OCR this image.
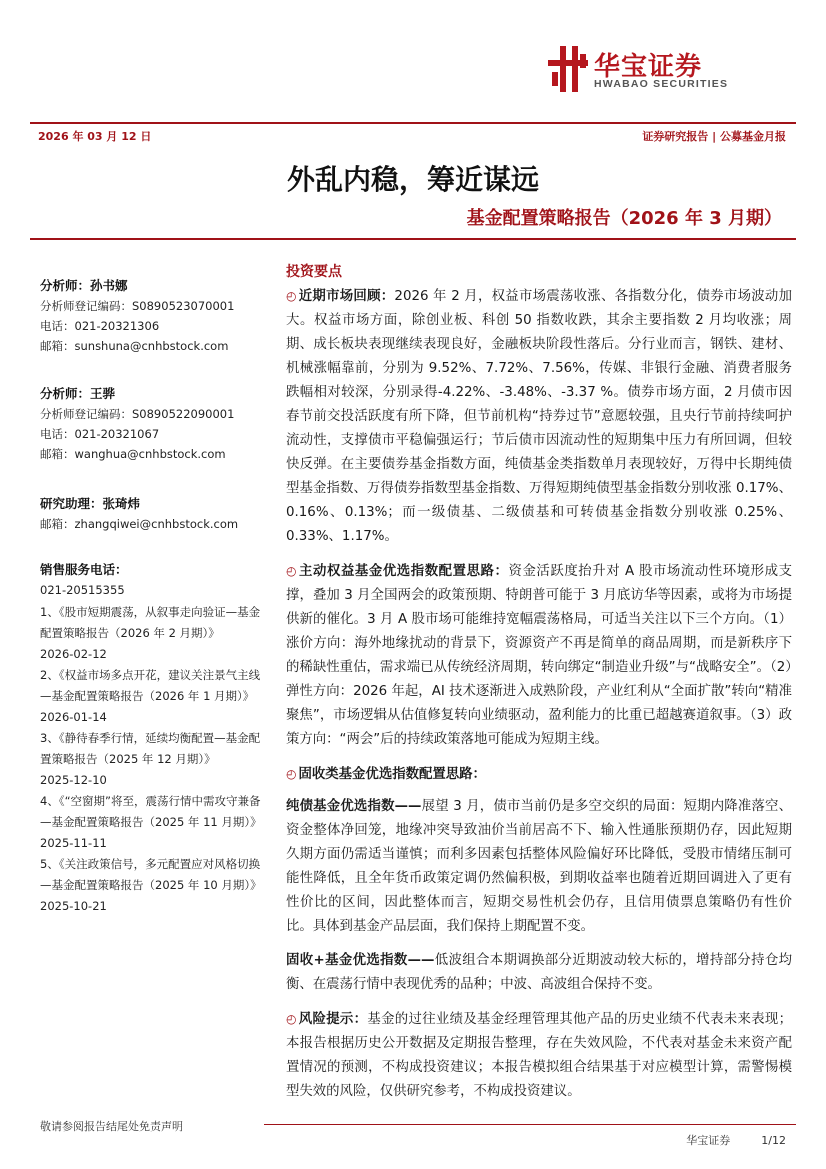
华宝证券
HWABAO SECURITIES
2026 年 03 月 12 日	证券研究报告 | 公募基金月报
外乱内稳，筹近谋远
基金配置策略报告（2026 年 3 月期）
分析师：孙书娜
分析师登记编码：S0890523070001
电话：021-20321306
邮箱：sunshuna@cnhbstock.com
分析师：王骅
分析师登记编码：S0890522090001
电话：021-20321067
邮箱：wanghua@cnhbstock.com
研究助理：张琦炜
邮箱：zhangqiwei@cnhbstock.com
销售服务电话：
021-20515355
1、《股市短期震荡，从叙事走向验证—基金配置策略报告（2026 年 2 月期）》
2026-02-12
2、《权益市场多点开花，建议关注景气主线—基金配置策略报告（2026 年 1 月期）》
2026-01-14
3、《静待春季行情，延续均衡配置—基金配置策略报告（2025 年 12 月期）》
2025-12-10
4、《“空窗期”将至，震荡行情中需攻守兼备—基金配置策略报告（2025 年 11 月期）》
2025-11-11
5、《关注政策信号，多元配置应对风格切换—基金配置策略报告（2025 年 10 月期）》
2025-10-21
投资要点

◴ 近期市场回顾：2026 年 2 月，权益市场震荡收涨、各指数分化，债券市场波动加大。权益市场方面，除创业板、科创 50 指数收跌，其余主要指数 2 月均收涨；周期、成长板块表现继续表现良好，金融板块阶段性落后。分行业而言，钢铁、建材、机械涨幅靠前，分别为 9.52%、7.72%、7.56%，传媒、非银行金融、消费者服务跌幅相对较深，分别录得-4.22%、-3.48%、-3.37 %。债券市场方面，2 月债市因春节前交投活跃度有所下降，但节前机构“持券过节”意愿较强，且央行节前持续呵护流动性，支撑债市平稳偏强运行；节后债市因流动性的短期集中压力有所回调，但较快反弹。在主要债券基金指数方面，纯债基金类指数单月表现较好，万得中长期纯债型基金指数、万得债券指数型基金指数、万得短期纯债型基金指数分别收涨 0.17%、0.16%、0.13%；而一级债基、二级债基和可转债基金指数分别收涨 0.25%、0.33%、1.17%。

◴ 主动权益基金优选指数配置思路：资金活跃度抬升对 A 股市场流动性环境形成支撑，叠加 3 月全国两会的政策预期、特朗普可能于 3 月底访华等因素，或将为市场提供新的催化。3 月 A 股市场可能维持宽幅震荡格局，可适当关注以下三个方向。（1）涨价方向：海外地缘扰动的背景下，资源资产不再是简单的商品周期，而是新秩序下的稀缺性重估，需求端已从传统经济周期，转向绑定“制造业升级”与“战略安全”。（2）弹性方向：2026 年起，AI 技术逐渐进入成熟阶段，产业红利从“全面扩散”转向“精准聚焦”，市场逻辑从估值修复转向业绩驱动，盈利能力的比重已超越赛道叙事。（3）政策方向：“两会”后的持续政策落地可能成为短期主线。

◴ 固收类基金优选指数配置思路：

纯债基金优选指数——展望 3 月，债市当前仍是多空交织的局面：短期内降准落空、资金整体净回笼，地缘冲突导致油价当前居高不下、输入性通胀预期仍存，因此短期久期方面仍需适当谨慎；而利多因素包括整体风险偏好环比降低，受股市情绪压制可能性降低，且全年货币政策定调仍然偏积极，到期收益率也随着近期回调进入了更有性价比的区间，因此整体而言，短期交易性机会仍存，且信用债票息策略仍有性价比。具体到基金产品层面，我们保持上期配置不变。

固收+基金优选指数——低波组合本期调换部分近期波动较大标的，增持部分持仓均衡、在震荡行情中表现优秀的品种；中波、高波组合保持不变。

◴ 风险提示：基金的过往业绩及基金经理管理其他产品的历史业绩不代表未来表现；本报告根据历史公开数据及定期报告整理，存在失效风险，不代表对基金未来资产配置情况的预测，不构成投资建议；本报告模拟组合结果基于对应模型计算，需警惕模型失效的风险，仅供研究参考，不构成投资建议。

敬请参阅报告结尾处免责声明
华宝证券	1/12
